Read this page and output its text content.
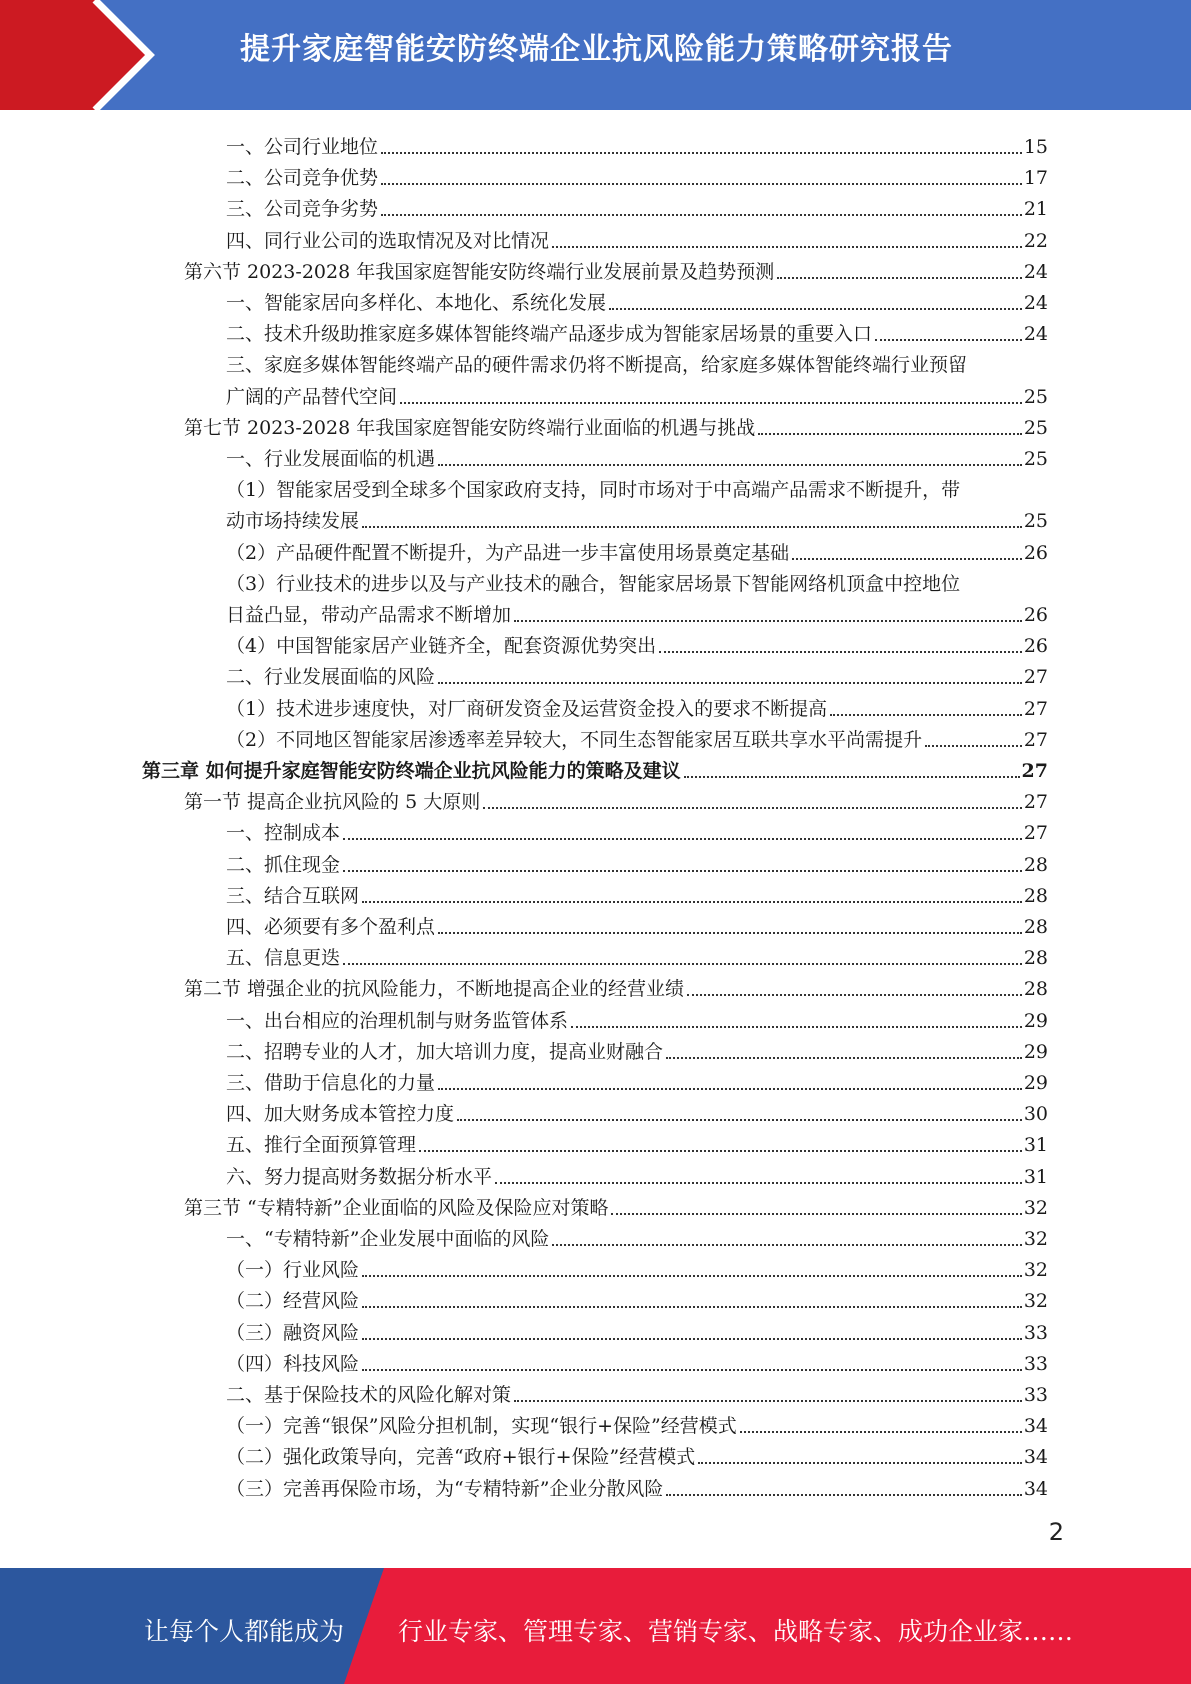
提升家庭智能安防终端企业抗风险能力策略研究报告
一、公司行业地位	15
二、公司竞争优势	17
三、公司竞争劣势	21
四、同行业公司的选取情况及对比情况	22
第六节 2023-2028 年我国家庭智能安防终端行业发展前景及趋势预测	24
一、智能家居向多样化、本地化、系统化发展	24
二、技术升级助推家庭多媒体智能终端产品逐步成为智能家居场景的重要入口	24
三、家庭多媒体智能终端产品的硬件需求仍将不断提高，给家庭多媒体智能终端行业预留
广阔的产品替代空间	25
第七节 2023-2028 年我国家庭智能安防终端行业面临的机遇与挑战	25
一、行业发展面临的机遇	25
（1）智能家居受到全球多个国家政府支持，同时市场对于中高端产品需求不断提升，带
动市场持续发展	25
（2）产品硬件配置不断提升，为产品进一步丰富使用场景奠定基础	26
（3）行业技术的进步以及与产业技术的融合，智能家居场景下智能网络机顶盒中控地位
日益凸显，带动产品需求不断增加	26
（4）中国智能家居产业链齐全，配套资源优势突出	26
二、行业发展面临的风险	27
（1）技术进步速度快，对厂商研发资金及运营资金投入的要求不断提高	27
（2）不同地区智能家居渗透率差异较大，不同生态智能家居互联共享水平尚需提升	27
第三章 如何提升家庭智能安防终端企业抗风险能力的策略及建议	27
第一节 提高企业抗风险的 5 大原则	27
一、控制成本	27
二、抓住现金	28
三、结合互联网	28
四、必须要有多个盈利点	28
五、信息更迭	28
第二节 增强企业的抗风险能力，不断地提高企业的经营业绩	28
一、出台相应的治理机制与财务监管体系	29
二、招聘专业的人才，加大培训力度，提高业财融合	29
三、借助于信息化的力量	29
四、加大财务成本管控力度	30
五、推行全面预算管理	31
六、努力提高财务数据分析水平	31
第三节 “专精特新”企业面临的风险及保险应对策略	32
一、“专精特新”企业发展中面临的风险	32
（一）行业风险	32
（二）经营风险	32
（三）融资风险	33
（四）科技风险	33
二、基于保险技术的风险化解对策	33
（一）完善“银保”风险分担机制，实现“银行+保险”经营模式	34
（二）强化政策导向，完善“政府+银行+保险”经营模式	34
（三）完善再保险市场，为“专精特新”企业分散风险	34
2
让每个人都能成为 行业专家、管理专家、营销专家、战略专家、成功企业家……
